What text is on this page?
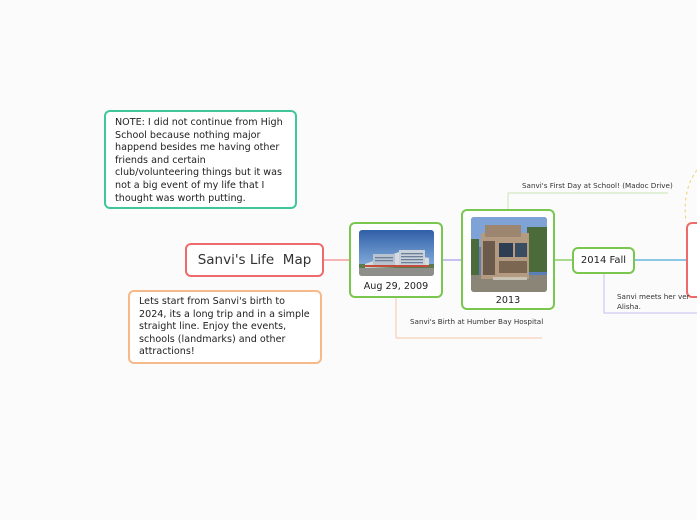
NOTE: I did not continue from High School because nothing major happend besides me having other friends and certain club/volunteering things but it was not a big event of my life that I thought was worth putting.
Sanvi's Life  Map
Lets start from Sanvi's birth to 2024, its a long trip and in a simple straight line. Enjoy the events, schools (landmarks) and other attractions!
Aug 29, 2009
2013
2014 Fall
Sanvi's Birth at Humber Bay Hospital
Sanvi's First Day at School! (Madoc Drive)
Sanvi meets her ver
Alisha.
